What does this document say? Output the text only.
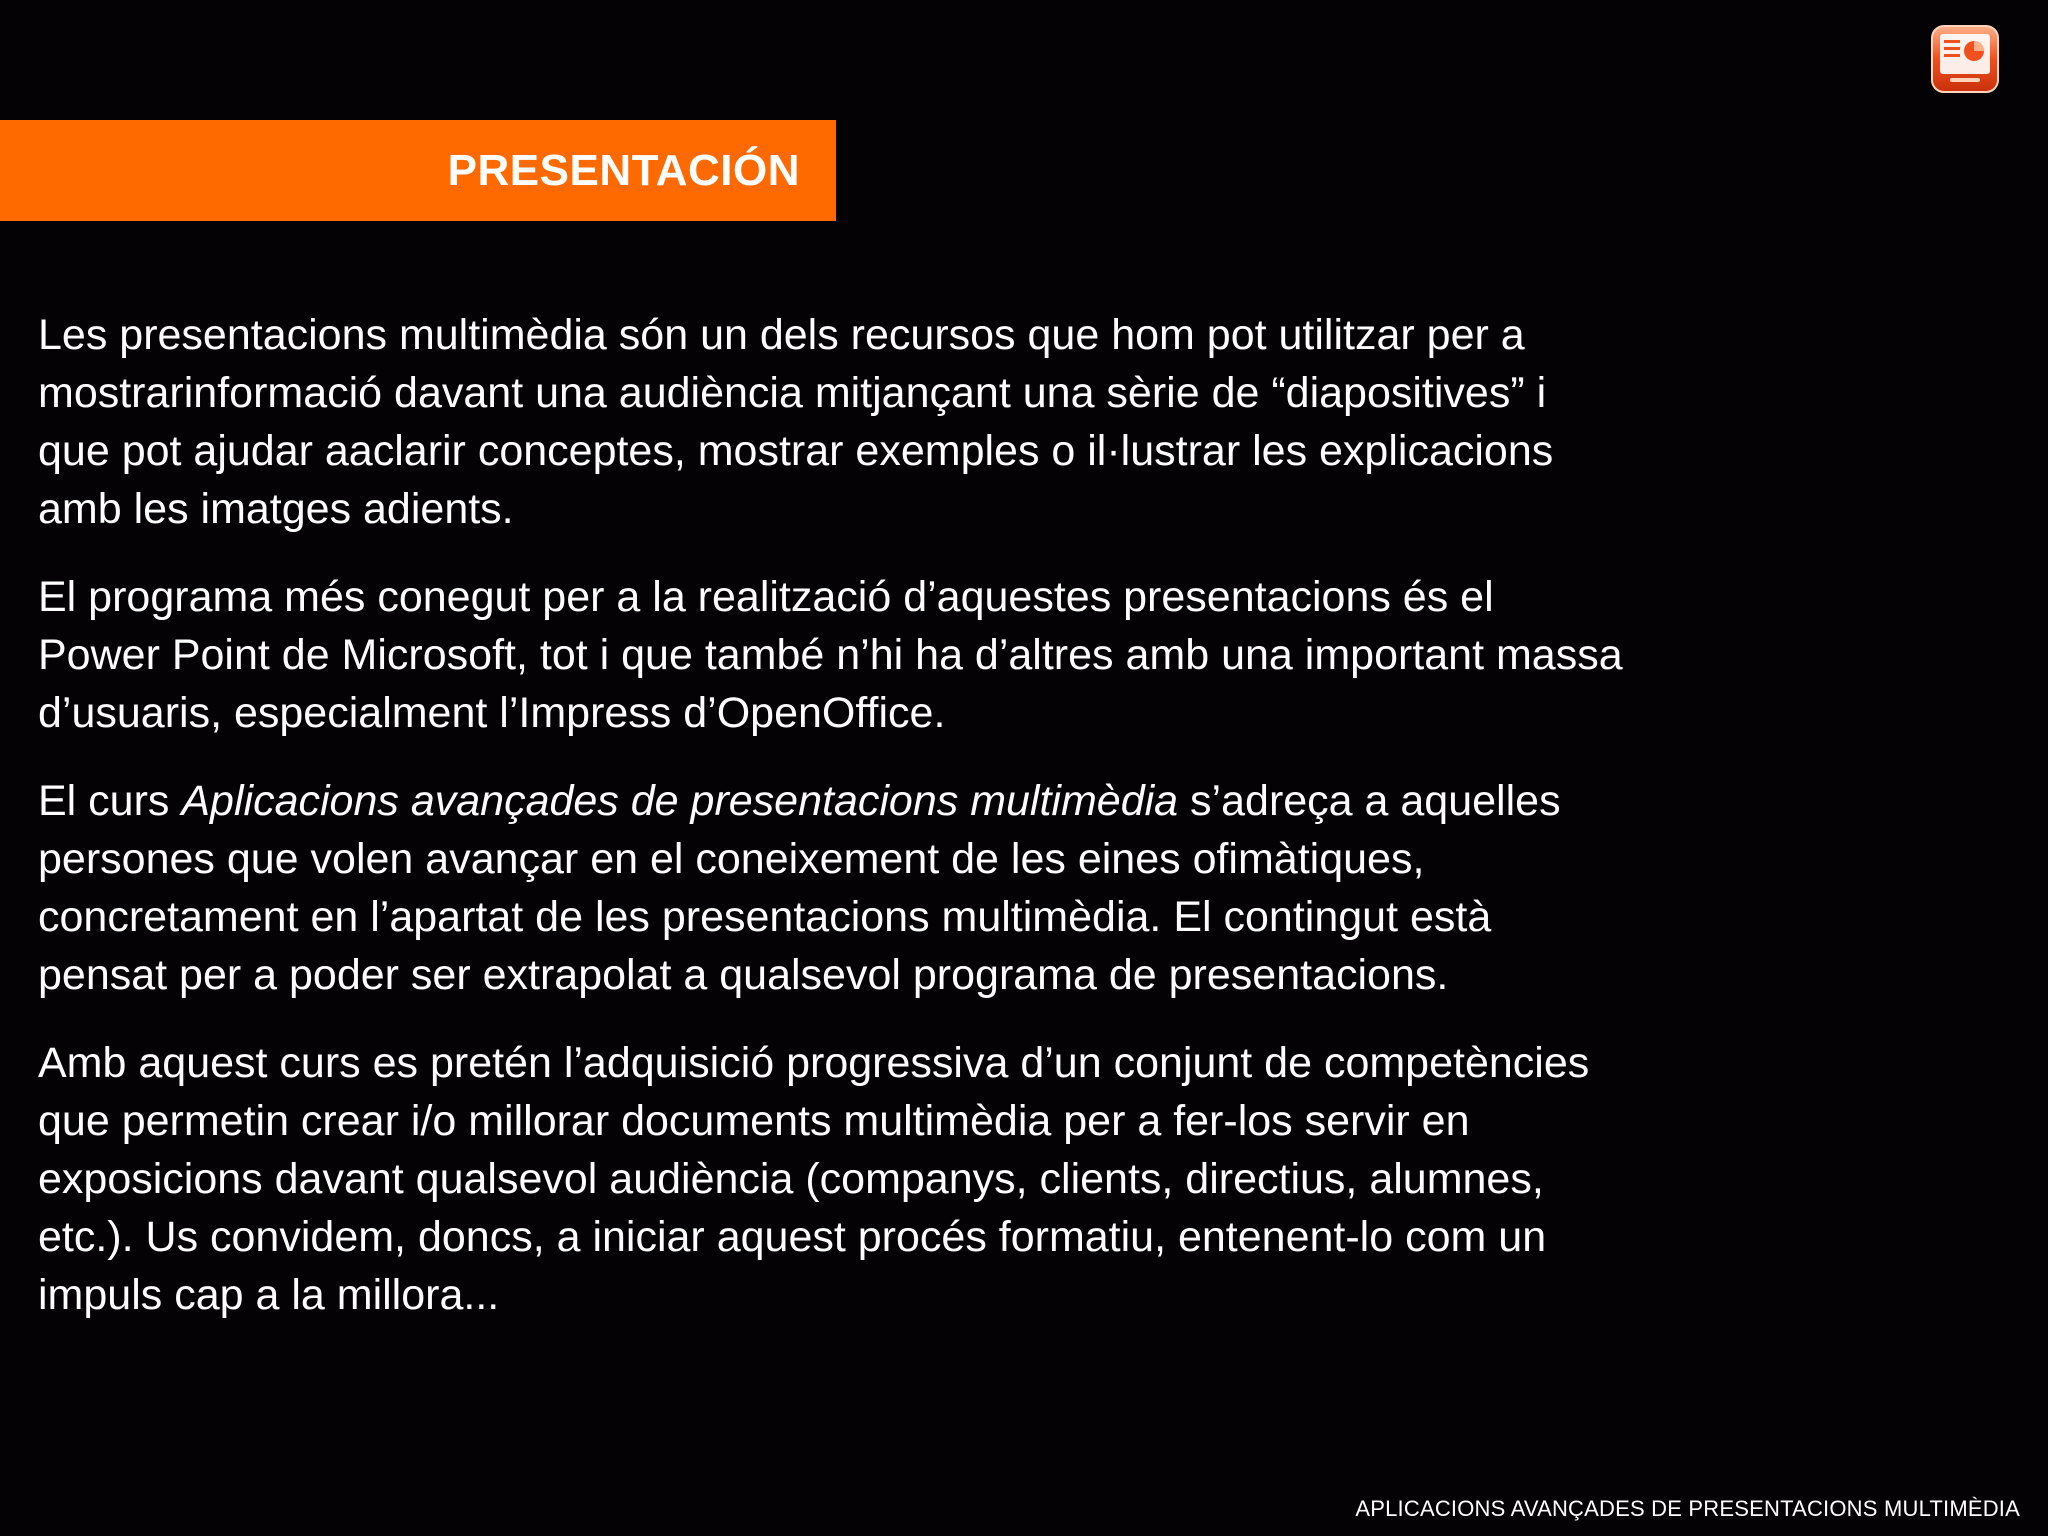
PRESENTACIÓN

Les presentacions multimèdia són un dels recursos que hom pot utilitzar per a
mostrarinformació davant una audiència mitjançant una sèrie de “diapositives” i
que pot ajudar aaclarir conceptes, mostrar exemples o il·lustrar les explicacions
amb les imatges adients.

El programa més conegut per a la realització d’aquestes presentacions és el
Power Point de Microsoft, tot i que també n’hi ha d’altres amb una important massa
d’usuaris, especialment l’Impress d’OpenOffice.

El curs Aplicacions avançades de presentacions multimèdia s’adreça a aquelles
persones que volen avançar en el coneixement de les eines ofimàtiques,
concretament en l’apartat de les presentacions multimèdia. El contingut està
pensat per a poder ser extrapolat a qualsevol programa de presentacions.

Amb aquest curs es pretén l’adquisició progressiva d’un conjunt de competències
que permetin crear i/o millorar documents multimèdia per a fer-los servir en
exposicions davant qualsevol audiència (companys, clients, directius, alumnes,
etc.). Us convidem, doncs, a iniciar aquest procés formatiu, entenent-lo com un
impuls cap a la millora...

APLICACIONS AVANÇADES DE PRESENTACIONS MULTIMÈDIA
